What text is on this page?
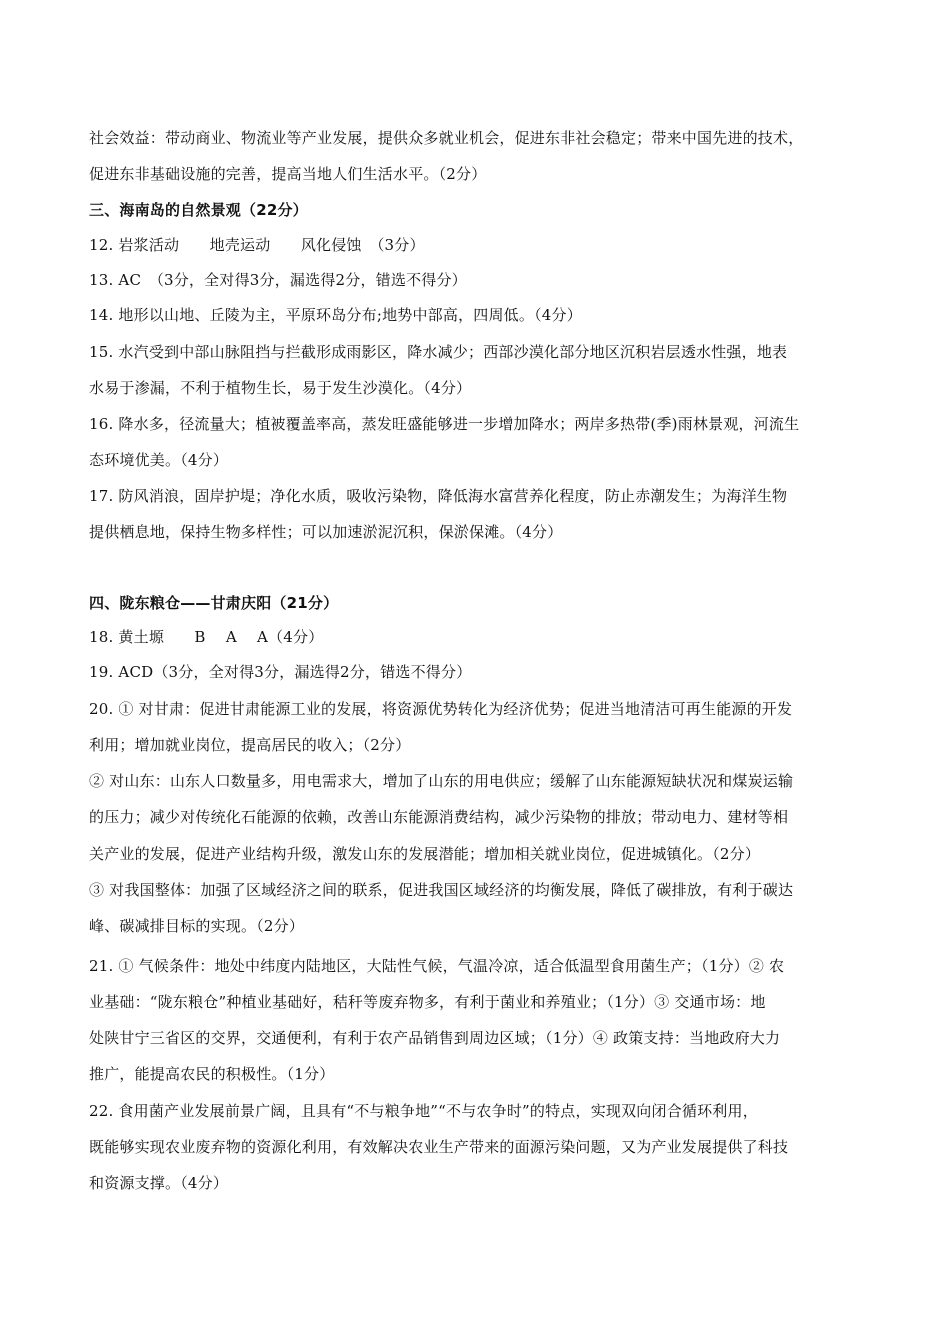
社会效益：带动商业、物流业等产业发展，提供众多就业机会，促进东非社会稳定；带来中国先进的技术，
促进东非基础设施的完善，提高当地人们生活水平。（2分）
三、海南岛的自然景观（22分）
12. 岩浆活动　　地壳运动　　风化侵蚀　（3分）
13. AC　（3分，全对得3分，漏选得2分，错选不得分）
14. 地形以山地、丘陵为主，平原环岛分布;地势中部高，四周低。（4分）
15. 水汽受到中部山脉阻挡与拦截形成雨影区，降水减少；西部沙漠化部分地区沉积岩层透水性强，地表
水易于渗漏，不利于植物生长，易于发生沙漠化。（4分）
16. 降水多，径流量大；植被覆盖率高，蒸发旺盛能够进一步增加降水；两岸多热带(季)雨林景观，河流生
态环境优美。（4分）
17. 防风消浪，固岸护堤；净化水质，吸收污染物，降低海水富营养化程度，防止赤潮发生；为海洋生物
提供栖息地，保持生物多样性；可以加速淤泥沉积，保淤保滩。（4分）
四、陇东粮仓——甘肃庆阳（21分）
18. 黄土塬　　B　 A　 A（4分）
19. ACD（3分，全对得3分，漏选得2分，错选不得分）
20. ① 对甘肃：促进甘肃能源工业的发展，将资源优势转化为经济优势；促进当地清洁可再生能源的开发
利用；增加就业岗位，提高居民的收入；（2分）
② 对山东：山东人口数量多，用电需求大，增加了山东的用电供应；缓解了山东能源短缺状况和煤炭运输
的压力；减少对传统化石能源的依赖，改善山东能源消费结构，减少污染物的排放；带动电力、建材等相
关产业的发展，促进产业结构升级，激发山东的发展潜能；增加相关就业岗位，促进城镇化。（2分）
③ 对我国整体：加强了区域经济之间的联系，促进我国区域经济的均衡发展，降低了碳排放，有利于碳达
峰、碳减排目标的实现。（2分）
21. ① 气候条件：地处中纬度内陆地区，大陆性气候，气温冷凉，适合低温型食用菌生产；（1分）② 农
业基础：“陇东粮仓”种植业基础好，秸秆等废弃物多，有利于菌业和养殖业；（1分）③ 交通市场：地
处陕甘宁三省区的交界，交通便利，有利于农产品销售到周边区域；（1分）④ 政策支持：当地政府大力
推广，能提高农民的积极性。（1分）
22. 食用菌产业发展前景广阔，且具有“不与粮争地”“不与农争时”的特点，实现双向闭合循环利用，
既能够实现农业废弃物的资源化利用，有效解决农业生产带来的面源污染问题，又为产业发展提供了科技
和资源支撑。（4分）
